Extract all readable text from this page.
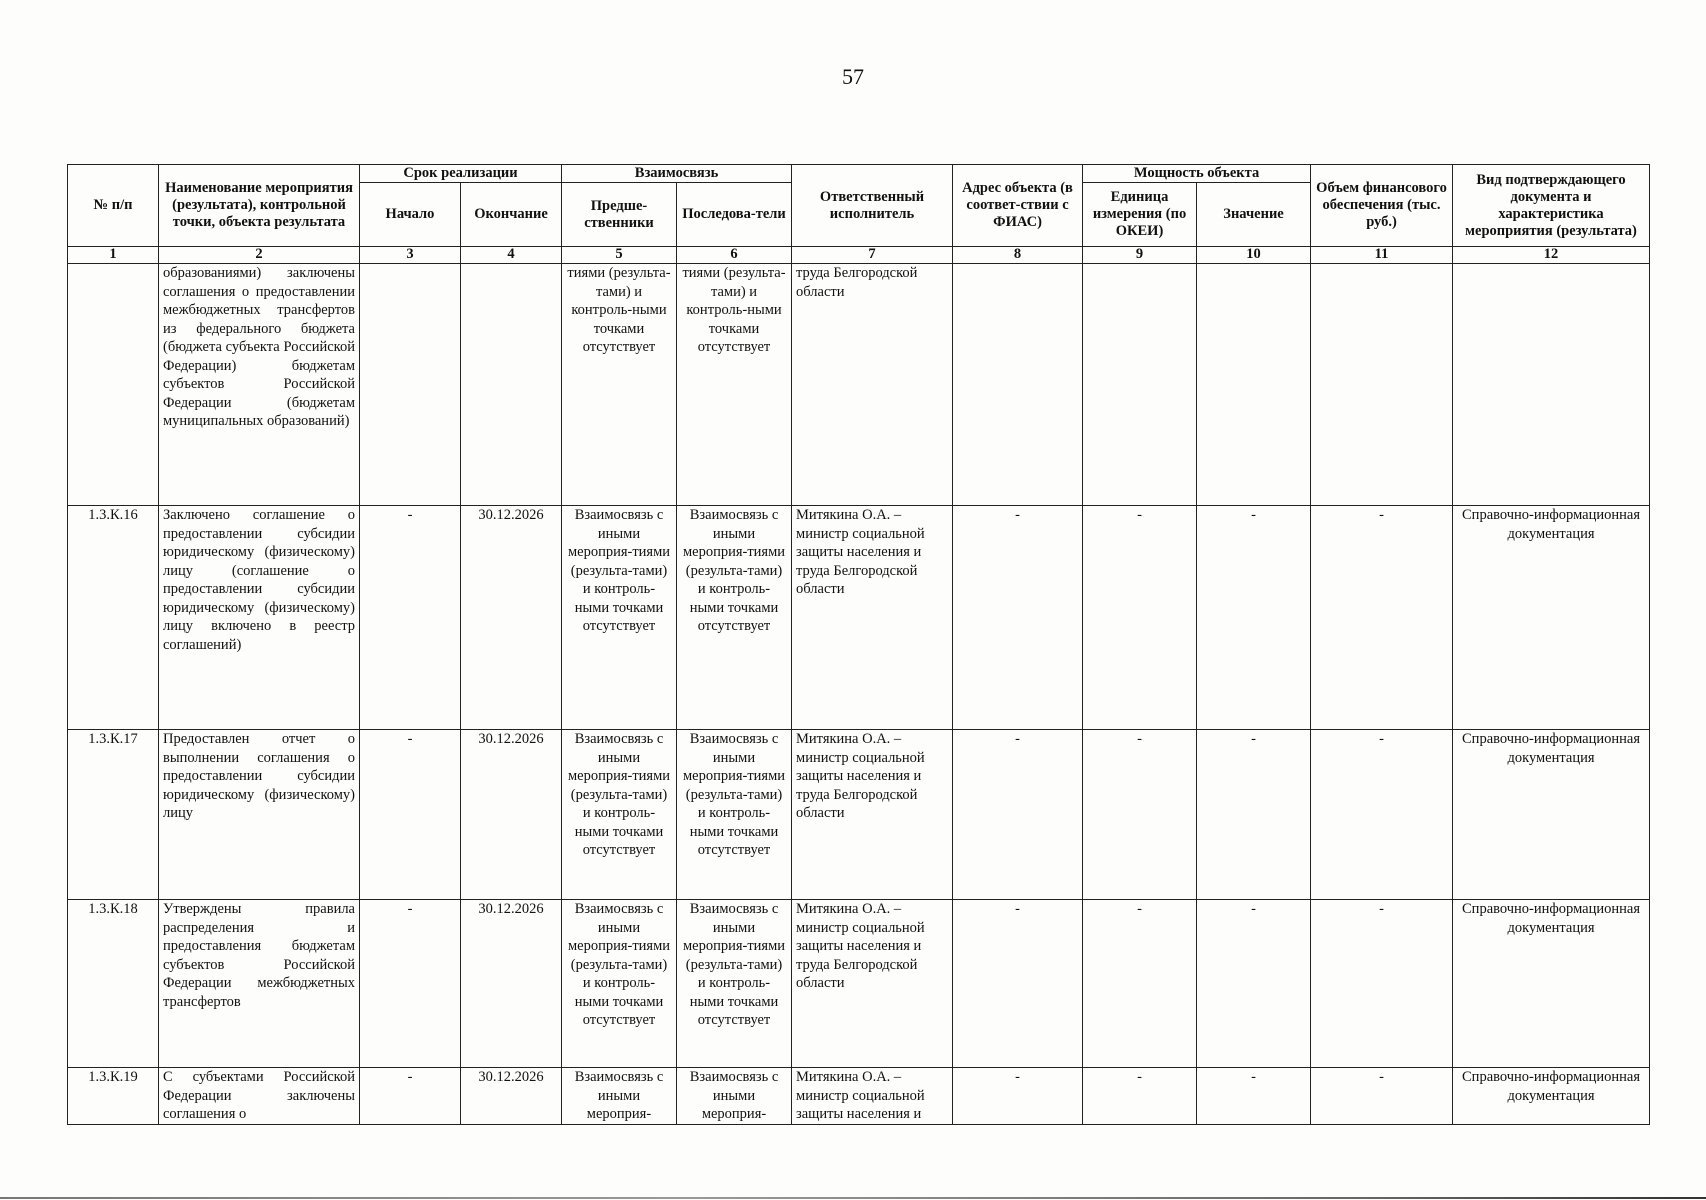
57
№ п/п	Наименование мероприятия (результата), контрольной точки, объекта результата	Срок реализации		Взаимосвязь		Ответственный исполнитель	Адрес объекта (в соответ-ствии с ФИАС)	Мощность объекта		Объем финансового обеспечения (тыс. руб.)	Вид подтверждающего документа и характеристика мероприятия (результата)
		Начало	Окончание	Предше-ственники	Последова-тели			Единица измерения (по ОКЕИ)	Значение		
1	2	3	4	5	6	7	8	9	10	11	12
	образованиями) заключены соглашения о предоставлении межбюджетных трансфертов из федерального бюджета (бюджета субъекта Российской Федерации) бюджетам субъектов Российской Федерации (бюджетам муниципальных образований)			тиями (результа-тами) и контроль-ными точками отсутствует	тиями (результа-тами) и контроль-ными точками отсутствует	труда Белгородской области					
1.3.К.16	Заключено соглашение о предоставлении субсидии юридическому (физическому) лицу (соглашение о предоставлении субсидии юридическому (физическому) лицу включено в реестр соглашений)	-	30.12.2026	Взаимосвязь с иными мероприя-тиями (результа-тами) и контроль-ными точками отсутствует	Взаимосвязь с иными мероприя-тиями (результа-тами) и контроль-ными точками отсутствует	Митякина О.А. – министр социальной защиты населения и труда Белгородской области	-	-	-	-	Справочно-информационная документация
1.3.К.17	Предоставлен отчет о выполнении соглашения о предоставлении субсидии юридическому (физическому) лицу	-	30.12.2026	Взаимосвязь с иными мероприя-тиями (результа-тами) и контроль-ными точками отсутствует	Взаимосвязь с иными мероприя-тиями (результа-тами) и контроль-ными точками отсутствует	Митякина О.А. – министр социальной защиты населения и труда Белгородской области	-	-	-	-	Справочно-информационная документация
1.3.К.18	Утверждены правила распределения и предоставления бюджетам субъектов Российской Федерации межбюджетных трансфертов	-	30.12.2026	Взаимосвязь с иными мероприя-тиями (результа-тами) и контроль-ными точками отсутствует	Взаимосвязь с иными мероприя-тиями (результа-тами) и контроль-ными точками отсутствует	Митякина О.А. – министр социальной защиты населения и труда Белгородской области	-	-	-	-	Справочно-информационная документация
1.3.К.19	С субъектами Российской Федерации заключены соглашения о	-	30.12.2026	Взаимосвязь с иными мероприя-	Взаимосвязь с иными мероприя-	Митякина О.А. – министр социальной защиты населения и	-	-	-	-	Справочно-информационная документация
